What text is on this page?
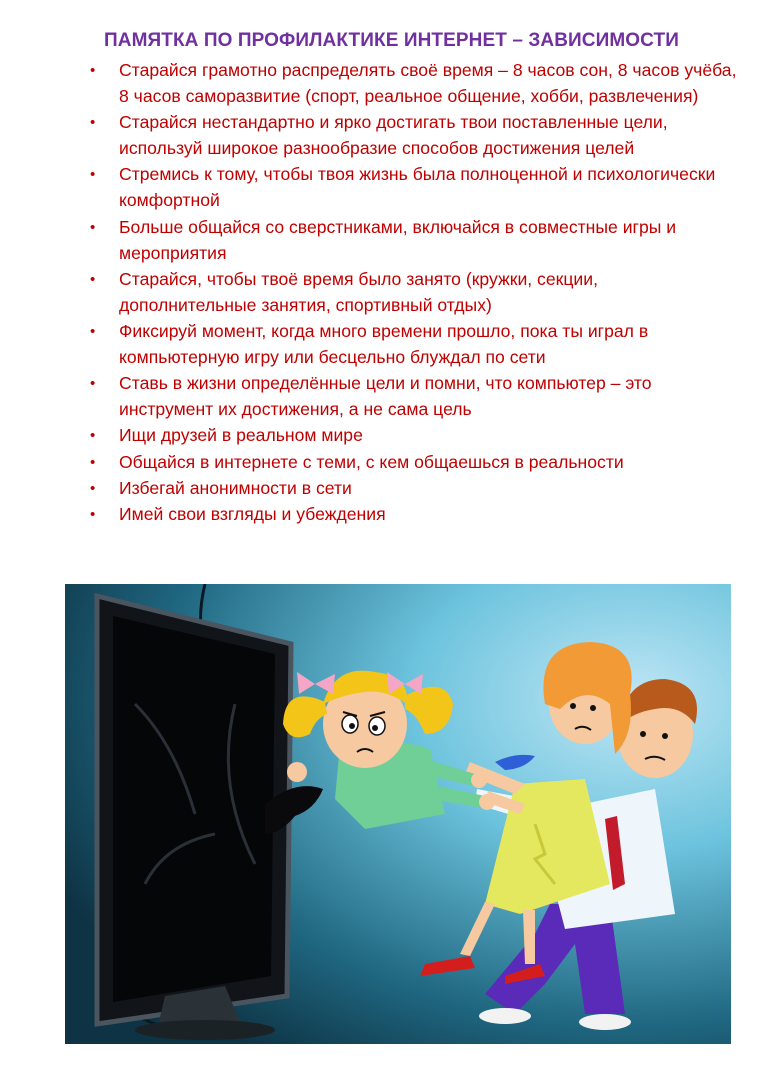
ПАМЯТКА ПО ПРОФИЛАКТИКЕ ИНТЕРНЕТ – ЗАВИСИМОСТИ
• Старайся грамотно распределять своё время – 8 часов сон, 8 часов учёба, 8 часов саморазвитие (спорт, реальное общение, хобби, развлечения)
• Старайся нестандартно и ярко достигать твои поставленные цели, используй широкое разнообразие способов достижения целей
• Стремись к тому, чтобы твоя жизнь была полноценной и психологически комфортной
• Больше общайся со сверстниками, включайся в совместные игры и мероприятия
• Старайся, чтобы твоё время было занято (кружки, секции, дополнительные занятия, спортивный отдых)
• Фиксируй момент, когда много времени прошло, пока ты играл в компьютерную игру или бесцельно блуждал по сети
• Ставь в жизни определённые цели и помни, что компьютер – это инструмент их достижения, а не сама цель
• Ищи друзей в реальном мире
• Общайся в интернете с теми, с кем общаешься в реальности
• Избегай анонимности в сети
• Имей свои взгляды и убеждения
